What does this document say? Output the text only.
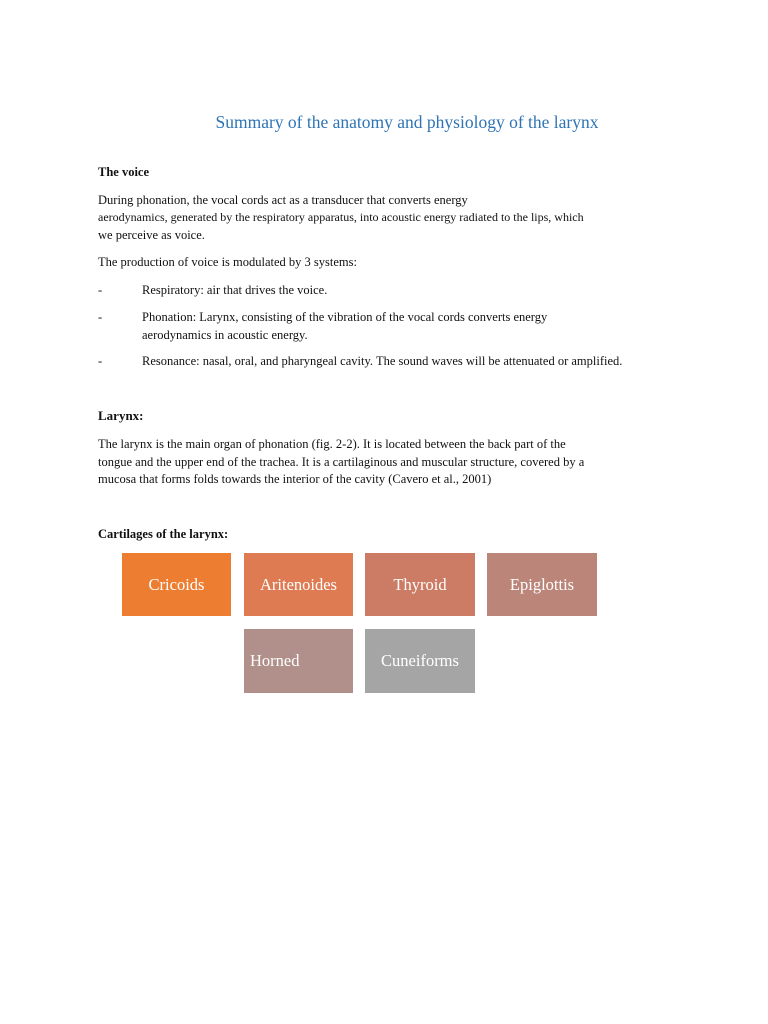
Summary of the anatomy and physiology of the larynx
The voice
During phonation, the vocal cords act as a transducer that converts energy
aerodynamics, generated by the respiratory apparatus, into acoustic energy radiated to the lips, which
we perceive as voice.
The production of voice is modulated by 3 systems:
-	Respiratory: air that drives the voice.
-	Phonation: Larynx, consisting of the vibration of the vocal cords converts energy
aerodynamics in acoustic energy.
-	Resonance: nasal, oral, and pharyngeal cavity. The sound waves will be attenuated or amplified.
Larynx:
The larynx is the main organ of phonation (fig. 2-2). It is located between the back part of the
tongue and the upper end of the trachea. It is a cartilaginous and muscular structure, covered by a
mucosa that forms folds towards the interior of the cavity (Cavero et al., 2001)
Cartilages of the larynx:
Cricoids	Aritenoides	Thyroid	Epiglottis
Horned	Cuneiforms
